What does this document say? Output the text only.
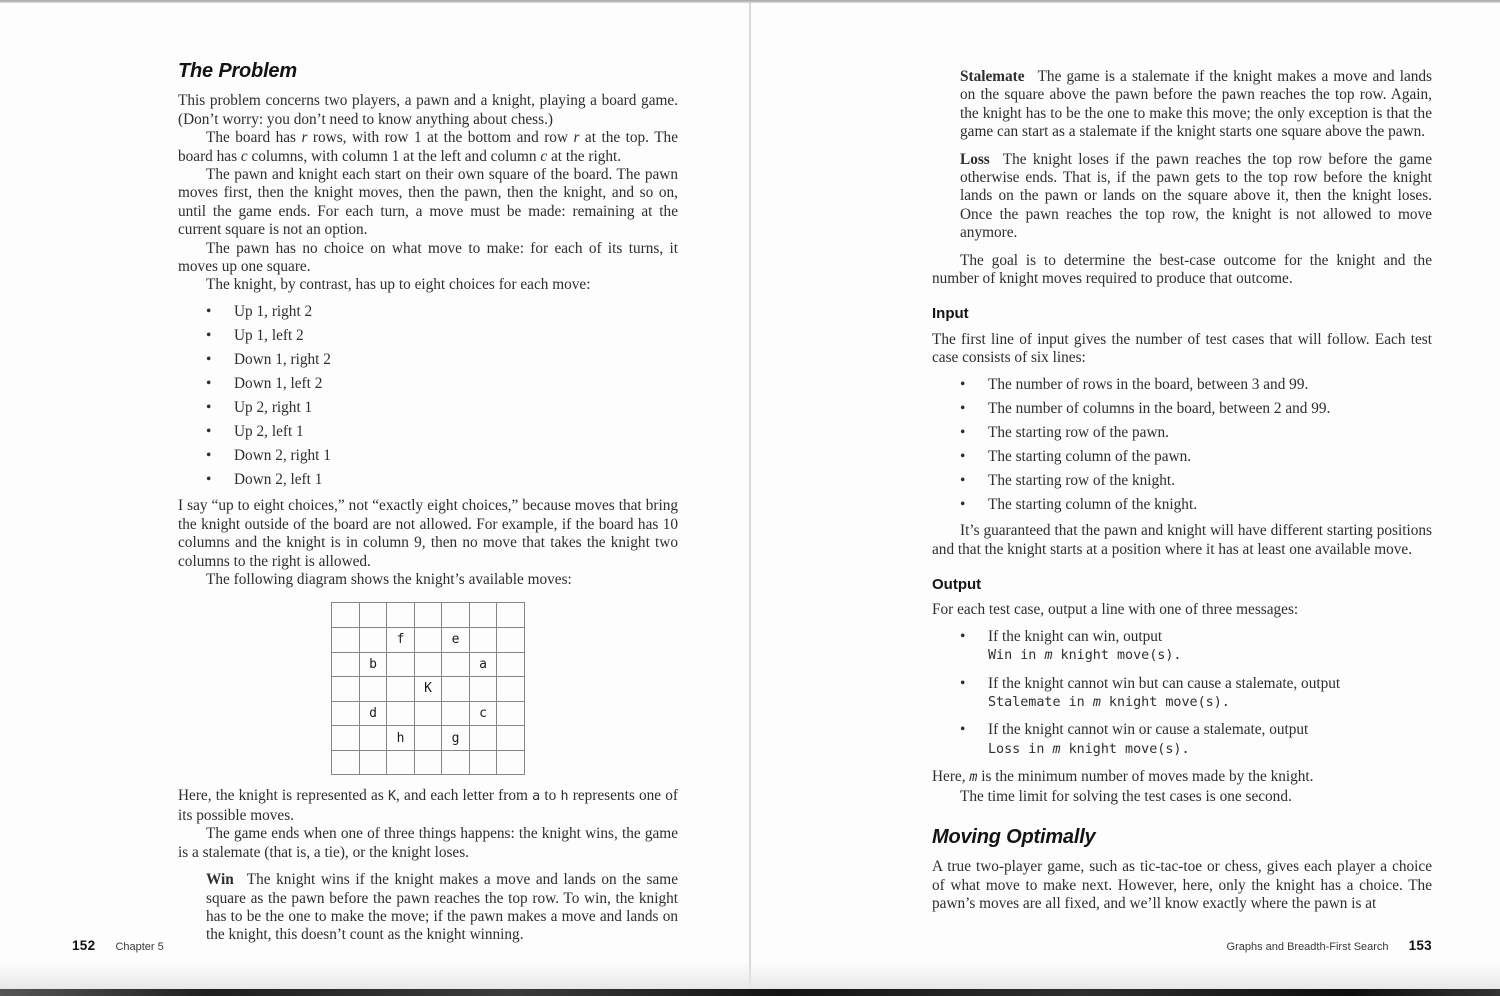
The Problem

This problem concerns two players, a pawn and a knight, playing a board game. (Don’t worry: you don’t need to know anything about chess.)

The board has r rows, with row 1 at the bottom and row r at the top. The board has c columns, with column 1 at the left and column c at the right.

The pawn and knight each start on their own square of the board. The pawn moves first, then the knight moves, then the pawn, then the knight, and so on, until the game ends. For each turn, a move must be made: remaining at the current square is not an option.

The pawn has no choice on what move to make: for each of its turns, it moves up one square.

The knight, by contrast, has up to eight choices for each move:

• Up 1, right 2
• Up 1, left 2
• Down 1, right 2
• Down 1, left 2
• Up 2, right 1
• Up 2, left 1
• Down 2, right 1
• Down 2, left 1

I say “up to eight choices,” not “exactly eight choices,” because moves that bring the knight outside of the board are not allowed. For example, if the board has 10 columns and the knight is in column 9, then no move that takes the knight two columns to the right is allowed.

The following diagram shows the knight’s available moves:

f	e
b	a
K
d	c
h	g

Here, the knight is represented as K, and each letter from a to h represents one of its possible moves.

The game ends when one of three things happens: the knight wins, the game is a stalemate (that is, a tie), or the knight loses.

Win The knight wins if the knight makes a move and lands on the same square as the pawn before the pawn reaches the top row. To win, the knight has to be the one to make the move; if the pawn makes a move and lands on the knight, this doesn’t count as the knight winning.

Stalemate The game is a stalemate if the knight makes a move and lands on the square above the pawn before the pawn reaches the top row. Again, the knight has to be the one to make this move; the only exception is that the game can start as a stalemate if the knight starts one square above the pawn.

Loss The knight loses if the pawn reaches the top row before the game otherwise ends. That is, if the pawn gets to the top row before the knight lands on the pawn or lands on the square above it, then the knight loses. Once the pawn reaches the top row, the knight is not allowed to move anymore.

The goal is to determine the best-case outcome for the knight and the number of knight moves required to produce that outcome.

Input

The first line of input gives the number of test cases that will follow. Each test case consists of six lines:

• The number of rows in the board, between 3 and 99.
• The number of columns in the board, between 2 and 99.
• The starting row of the pawn.
• The starting column of the pawn.
• The starting row of the knight.
• The starting column of the knight.

It’s guaranteed that the pawn and knight will have different starting positions and that the knight starts at a position where it has at least one available move.

Output

For each test case, output a line with one of three messages:

• If the knight can win, output
Win in m knight move(s).
• If the knight cannot win but can cause a stalemate, output
Stalemate in m knight move(s).
• If the knight cannot win or cause a stalemate, output
Loss in m knight move(s).

Here, m is the minimum number of moves made by the knight.

The time limit for solving the test cases is one second.

Moving Optimally

A true two-player game, such as tic-tac-toe or chess, gives each player a choice of what move to make next. However, here, only the knight has a choice. The pawn’s moves are all fixed, and we’ll know exactly where the pawn is at

152 Chapter 5	Graphs and Breadth-First Search 153
